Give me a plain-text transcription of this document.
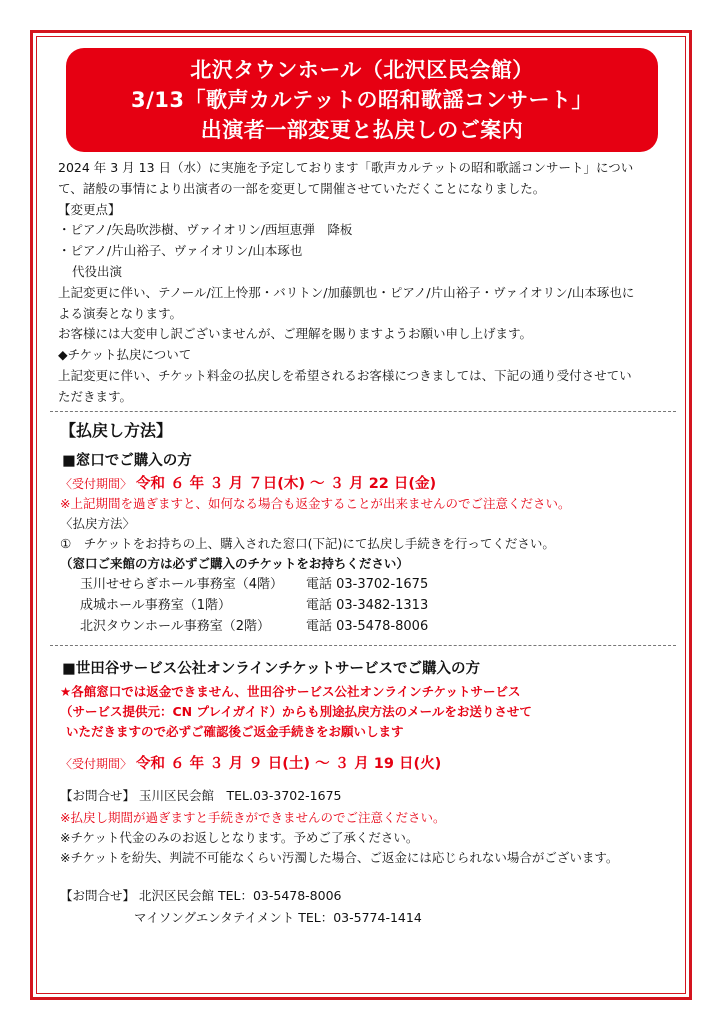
北沢タウンホール（北沢区民会館）
3/13「歌声カルテットの昭和歌謡コンサート」
出演者一部変更と払戻しのご案内
2024 年 3 月 13 日（水）に実施を予定しております「歌声カルテットの昭和歌謡コンサート」につい
て、諸般の事情により出演者の一部を変更して開催させていただくことになりました。
【変更点】
・ピアノ/矢島吹渉樹、ヴァイオリン/西垣恵弾　降板
・ピアノ/片山裕子、ヴァイオリン/山本琢也
代役出演
上記変更に伴い、テノール/江上怜那・バリトン/加藤凱也・ピアノ/片山裕子・ヴァイオリン/山本琢也に
よる演奏となります。
お客様には大変申し訳ございませんが、ご理解を賜りますようお願い申し上げます。
◆チケット払戻について
上記変更に伴い、チケット料金の払戻しを希望されるお客様につきましては、下記の通り受付させてい
ただきます。
【払戻し方法】
■窓口でご購入の方
〈受付期間〉 令和 ６ 年 ３ 月 ７日(木) ～ ３ 月 22 日(金)
※上記期間を過ぎますと、如何なる場合も返金することが出来ませんのでご注意ください。
〈払戻方法〉
①　チケットをお持ちの上、購入された窓口(下記)にて払戻し手続きを行ってください。
（窓口ご来館の方は必ずご購入のチケットをお持ちください）
玉川せせらぎホール事務室（4階）	電話 03-3702-1675
成城ホール事務室（1階）	電話 03-3482-1313
北沢タウンホール事務室（2階）	電話 03-5478-8006
■世田谷サービス公社オンラインチケットサービスでご購入の方
★各館窓口では返金できません、世田谷サービス公社オンラインチケットサービス
（サービス提供元：CN プレイガイド）からも別途払戻方法のメールをお送りさせて
いただきますので必ずご確認後ご返金手続きをお願いします
〈受付期間〉 令和 ６ 年 ３ 月 ９ 日(土) ～ ３ 月 19 日(火)
【お問合せ】 玉川区民会館　TEL.03-3702-1675
※払戻し期間が過ぎますと手続きができませんのでご注意ください。
※チケット代金のみのお返しとなります。予めご了承ください。
※チケットを紛失、判読不可能なくらい汚濁した場合、ご返金には応じられない場合がございます。
【お問合せ】 北沢区民会館 TEL：03-5478-8006
マイソングエンタテイメント TEL：03-5774-1414
